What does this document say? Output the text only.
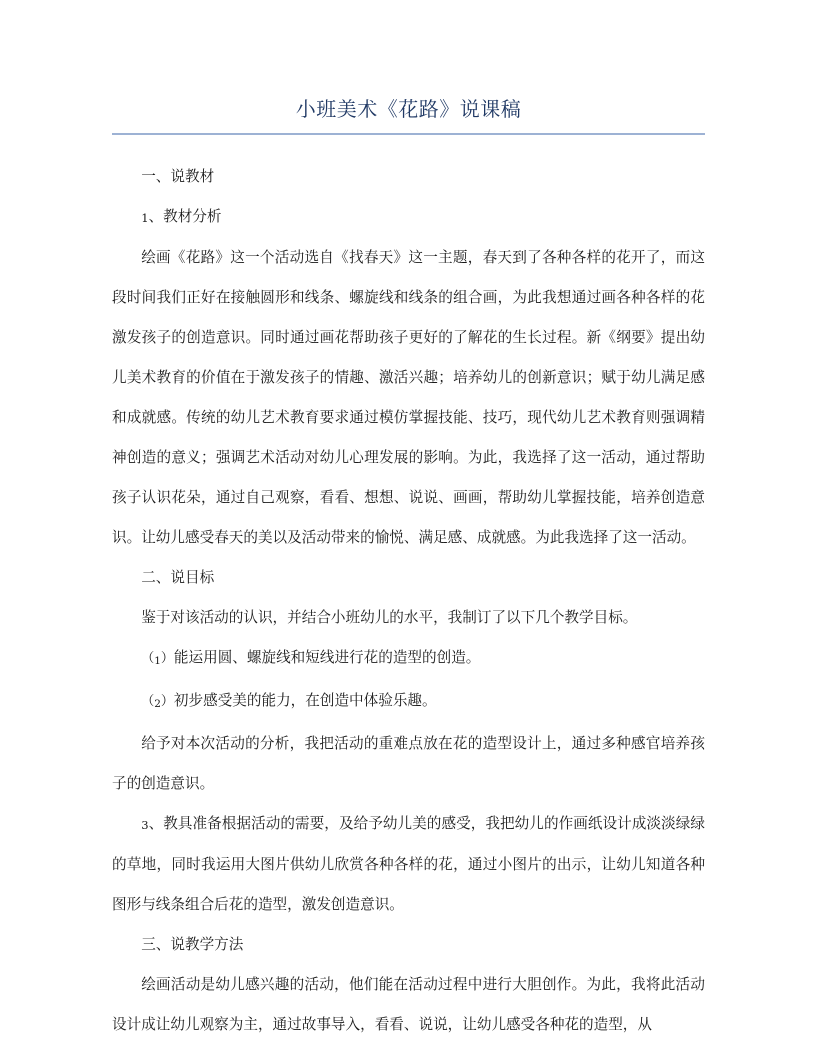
小班美术《花路》说课稿

一、说教材

1、教材分析

绘画《花路》这一个活动选自《找春天》这一主题，春天到了各种各样的花开了，而这段时间我们正好在接触圆形和线条、螺旋线和线条的组合画，为此我想通过画各种各样的花激发孩子的创造意识。同时通过画花帮助孩子更好的了解花的生长过程。新《纲要》提出幼儿美术教育的价值在于激发孩子的情趣、激活兴趣；培养幼儿的创新意识；赋于幼儿满足感和成就感。传统的幼儿艺术教育要求通过模仿掌握技能、技巧，现代幼儿艺术教育则强调精神创造的意义；强调艺术活动对幼儿心理发展的影响。为此，我选择了这一活动，通过帮助孩子认识花朵，通过自己观察，看看、想想、说说、画画，帮助幼儿掌握技能，培养创造意识。让幼儿感受春天的美以及活动带来的愉悦、满足感、成就感。为此我选择了这一活动。

二、说目标

鉴于对该活动的认识，并结合小班幼儿的水平，我制订了以下几个教学目标。

（1）能运用圆、螺旋线和短线进行花的造型的创造。

（2）初步感受美的能力，在创造中体验乐趣。

给予对本次活动的分析，我把活动的重难点放在花的造型设计上，通过多种感官培养孩子的创造意识。

3、教具准备根据活动的需要，及给予幼儿美的感受，我把幼儿的作画纸设计成淡淡绿绿的草地，同时我运用大图片供幼儿欣赏各种各样的花，通过小图片的出示，让幼儿知道各种图形与线条组合后花的造型，激发创造意识。

三、说教学方法

绘画活动是幼儿感兴趣的活动，他们能在活动过程中进行大胆创作。为此，我将此活动设计成让幼儿观察为主，通过故事导入，看看、说说，让幼儿感受各种花的造型，从
